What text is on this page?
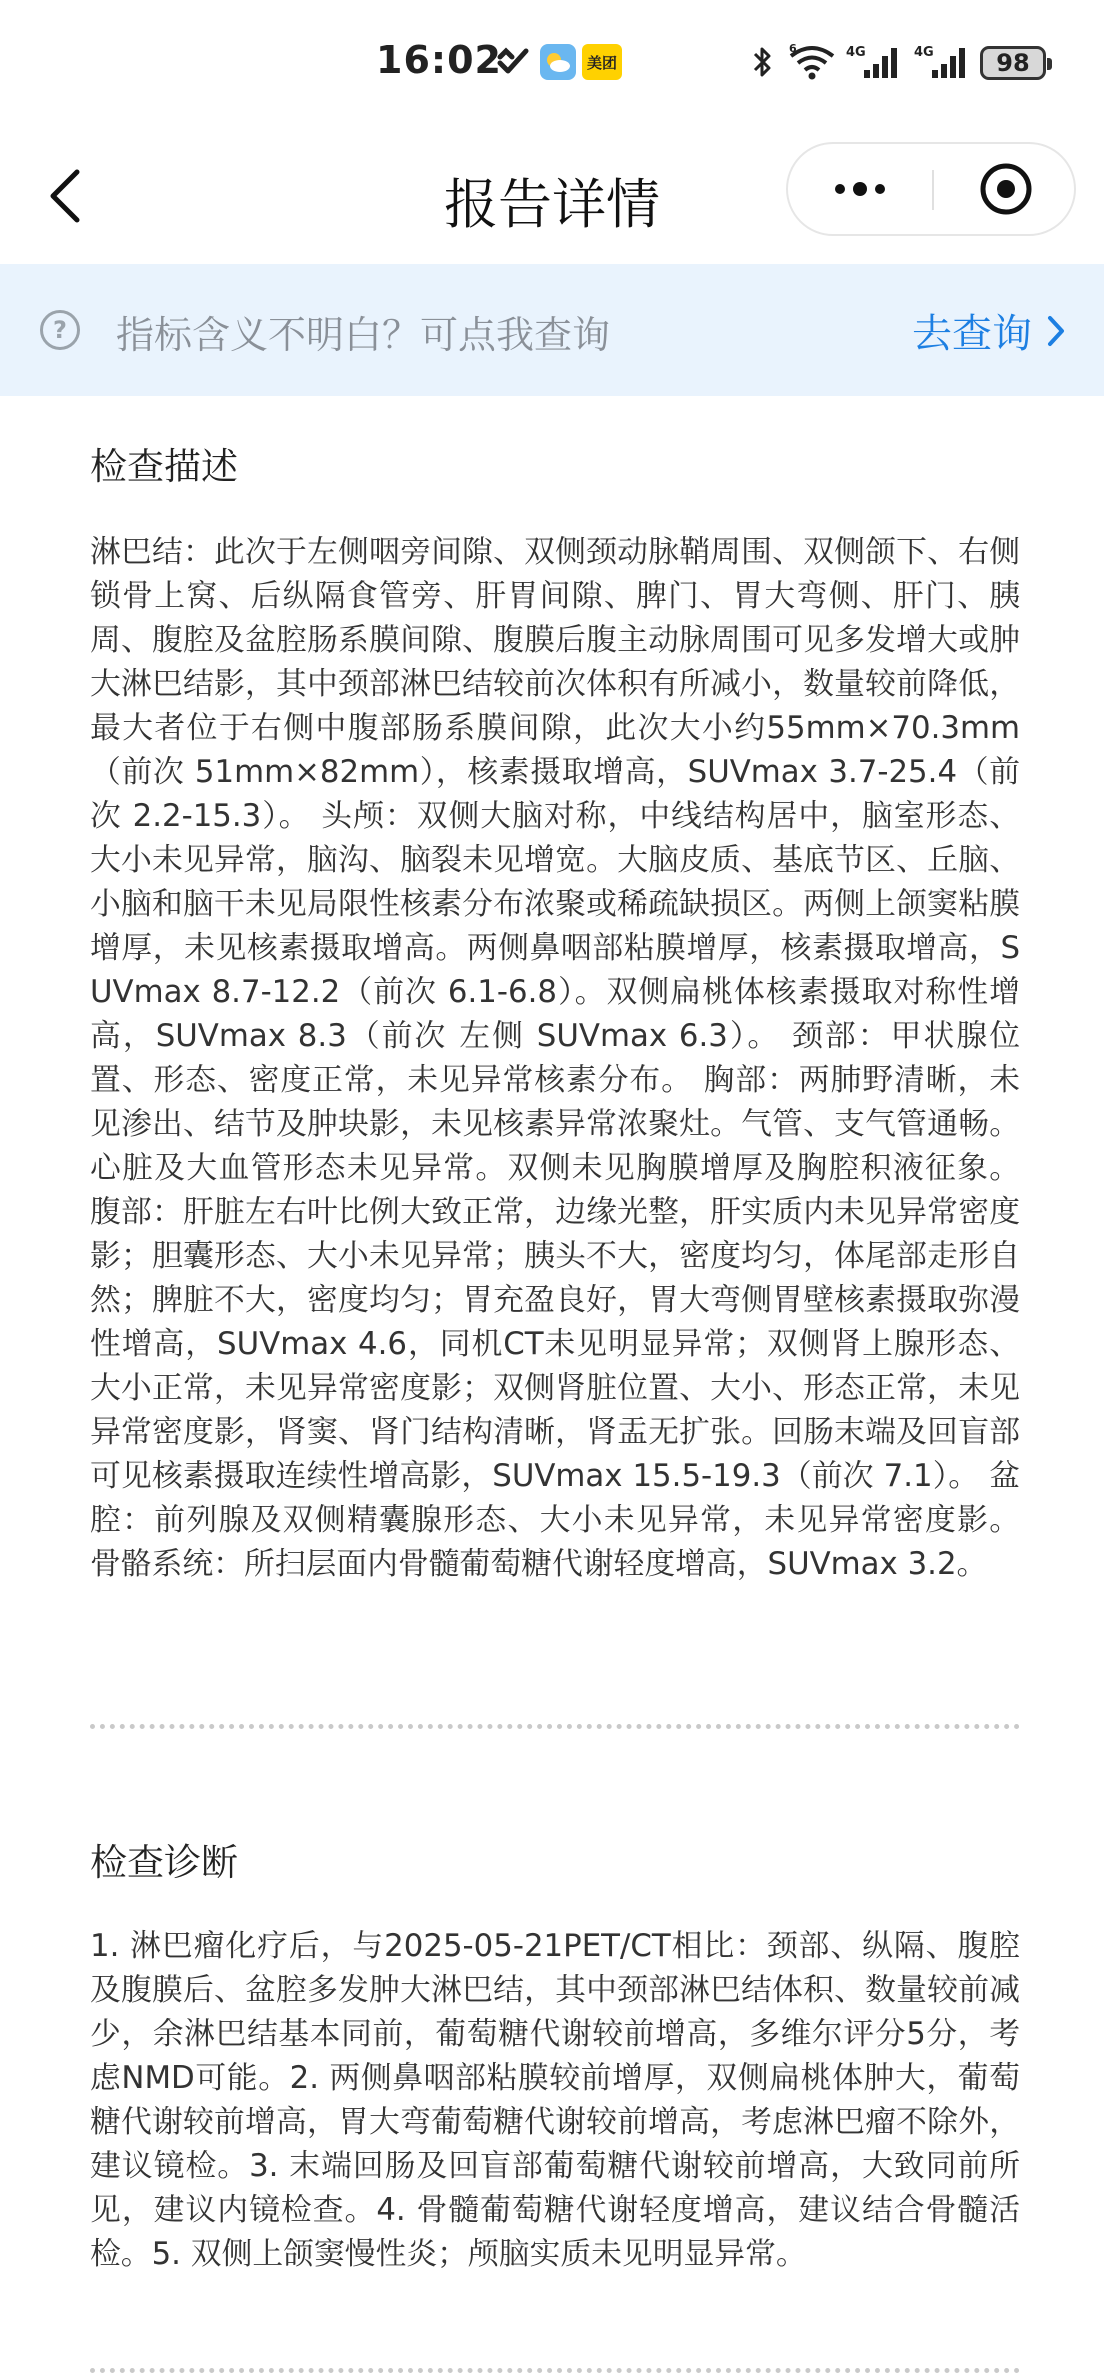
16:02	美团
6	4G	4G	98
报告详情
?	指标含义不明白？可点我查询	去查询
检查描述
淋巴结：此次于左侧咽旁间隙、双侧颈动脉鞘周围、双侧颌下、右侧锁骨上窝、后纵隔食管旁、肝胃间隙、脾门、胃大弯侧、肝门、胰周、腹腔及盆腔肠系膜间隙、腹膜后腹主动脉周围可见多发增大或肿大淋巴结影，其中颈部淋巴结较前次体积有所减小，数量较前降低，最大者位于右侧中腹部肠系膜间隙，此次大小约55mm×70.3mm（前次 51mm×82mm），核素摄取增高，SUVmax 3.7-25.4（前次 2.2-15.3）。 头颅：双侧大脑对称，中线结构居中，脑室形态、大小未见异常，脑沟、脑裂未见增宽。大脑皮质、基底节区、丘脑、小脑和脑干未见局限性核素分布浓聚或稀疏缺损区。两侧上颌窦粘膜增厚，未见核素摄取增高。两侧鼻咽部粘膜增厚，核素摄取增高，SUVmax 8.7-12.2（前次 6.1-6.8）。双侧扁桃体核素摄取对称性增高，SUVmax 8.3（前次 左侧 SUVmax 6.3）。 颈部：甲状腺位置、形态、密度正常，未见异常核素分布。 胸部：两肺野清晰，未见渗出、结节及肿块影，未见核素异常浓聚灶。气管、支气管通畅。心脏及大血管形态未见异常。双侧未见胸膜增厚及胸腔积液征象。 腹部：肝脏左右叶比例大致正常，边缘光整，肝实质内未见异常密度影；胆囊形态、大小未见异常；胰头不大，密度均匀，体尾部走形自然；脾脏不大，密度均匀；胃充盈良好，胃大弯侧胃壁核素摄取弥漫性增高，SUVmax 4.6，同机CT未见明显异常；双侧肾上腺形态、大小正常，未见异常密度影；双侧肾脏位置、大小、形态正常，未见异常密度影，肾窦、肾门结构清晰，肾盂无扩张。回肠末端及回盲部可见核素摄取连续性增高影，SUVmax 15.5-19.3（前次 7.1）。 盆腔：前列腺及双侧精囊腺形态、大小未见异常，未见异常密度影。 骨骼系统：所扫层面内骨髓葡萄糖代谢轻度增高，SUVmax 3.2。
检查诊断
1. 淋巴瘤化疗后，与2025-05-21PET/CT相比：颈部、纵隔、腹腔及腹膜后、盆腔多发肿大淋巴结，其中颈部淋巴结体积、数量较前减少，余淋巴结基本同前，葡萄糖代谢较前增高，多维尔评分5分，考虑NMD可能。2. 两侧鼻咽部粘膜较前增厚，双侧扁桃体肿大，葡萄糖代谢较前增高，胃大弯葡萄糖代谢较前增高，考虑淋巴瘤不除外，建议镜检。3. 末端回肠及回盲部葡萄糖代谢较前增高，大致同前所见，建议内镜检查。4. 骨髓葡萄糖代谢轻度增高，建议结合骨髓活检。5. 双侧上颌窦慢性炎；颅脑实质未见明显异常。
